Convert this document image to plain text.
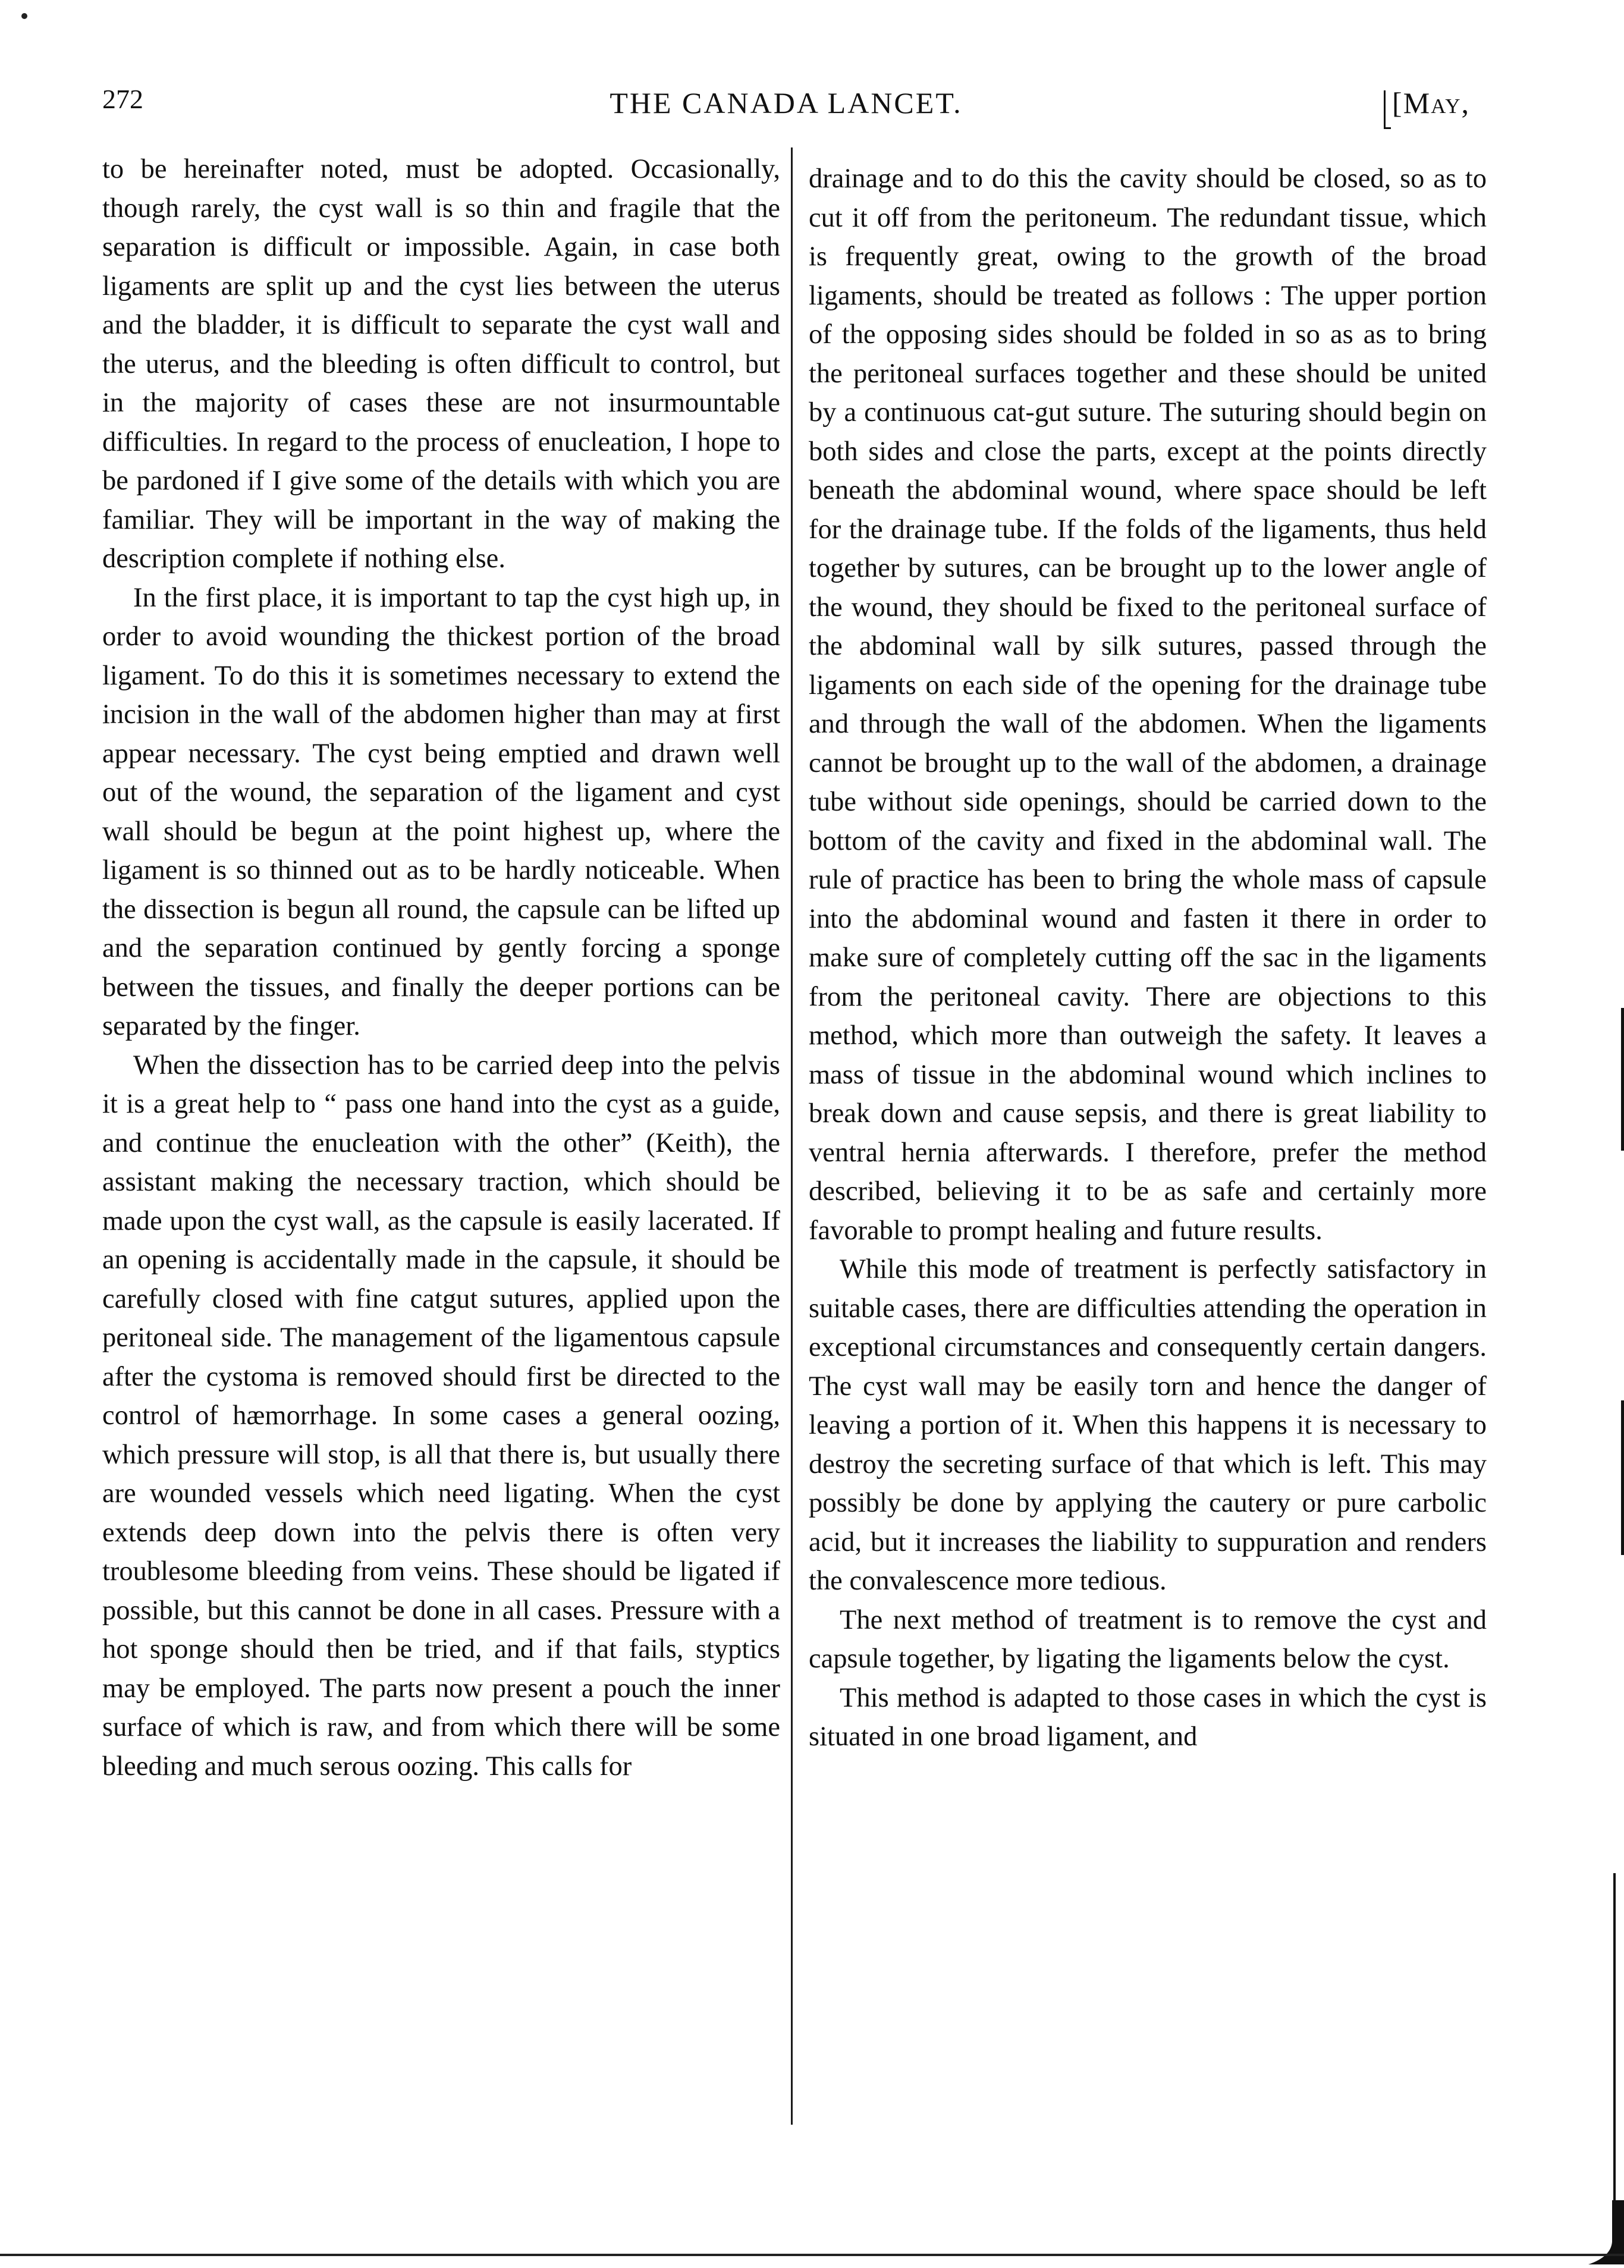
272	THE CANADA LANCET.	[May,

to be hereinafter noted, must be adopted. Occasionally, though rarely, the cyst wall is so thin and fragile that the separation is difficult or impossible. Again, in case both ligaments are split up and the cyst lies between the uterus and the bladder, it is difficult to separate the cyst wall and the uterus, and the bleeding is often difficult to control, but in the majority of cases these are not insurmountable difficulties. In regard to the process of enucleation, I hope to be pardoned if I give some of the details with which you are familiar. They will be important in the way of making the description complete if nothing else.

In the first place, it is important to tap the cyst high up, in order to avoid wounding the thickest portion of the broad ligament. To do this it is sometimes necessary to extend the incision in the wall of the abdomen higher than may at first appear necessary. The cyst being emptied and drawn well out of the wound, the separation of the ligament and cyst wall should be begun at the point highest up, where the ligament is so thinned out as to be hardly noticeable. When the dissection is begun all round, the capsule can be lifted up and the separation continued by gently forcing a sponge between the tissues, and finally the deeper portions can be separated by the finger.

When the dissection has to be carried deep into the pelvis it is a great help to “ pass one hand into the cyst as a guide, and continue the enucleation with the other” (Keith), the assistant making the necessary traction, which should be made upon the cyst wall, as the capsule is easily lacerated. If an opening is accidentally made in the capsule, it should be carefully closed with fine catgut sutures, applied upon the peritoneal side. The management of the ligamentous capsule after the cystoma is removed should first be directed to the control of hæmorrhage. In some cases a general oozing, which pressure will stop, is all that there is, but usually there are wounded vessels which need ligating. When the cyst extends deep down into the pelvis there is often very troublesome bleeding from veins. These should be ligated if possible, but this cannot be done in all cases. Pressure with a hot sponge should then be tried, and if that fails, styptics may be employed. The parts now present a pouch the inner surface of which is raw, and from which there will be some bleeding and much serous oozing. This calls for

drainage and to do this the cavity should be closed, so as to cut it off from the peritoneum. The redundant tissue, which is frequently great, owing to the growth of the broad ligaments, should be treated as follows : The upper portion of the opposing sides should be folded in so as as to bring the peritoneal surfaces together and these should be united by a continuous cat-gut suture. The suturing should begin on both sides and close the parts, except at the points directly beneath the abdominal wound, where space should be left for the drainage tube. If the folds of the ligaments, thus held together by sutures, can be brought up to the lower angle of the wound, they should be fixed to the peritoneal surface of the abdominal wall by silk sutures, passed through the ligaments on each side of the opening for the drainage tube and through the wall of the abdomen. When the ligaments cannot be brought up to the wall of the abdomen, a drainage tube without side openings, should be carried down to the bottom of the cavity and fixed in the abdominal wall. The rule of practice has been to bring the whole mass of capsule into the abdominal wound and fasten it there in order to make sure of completely cutting off the sac in the ligaments from the peritoneal cavity. There are objections to this method, which more than outweigh the safety. It leaves a mass of tissue in the abdominal wound which inclines to break down and cause sepsis, and there is great liability to ventral hernia afterwards. I therefore, prefer the method described, believing it to be as safe and certainly more favorable to prompt healing and future results.

While this mode of treatment is perfectly satisfactory in suitable cases, there are difficulties attending the operation in exceptional circumstances and consequently certain dangers. The cyst wall may be easily torn and hence the danger of leaving a portion of it. When this happens it is necessary to destroy the secreting surface of that which is left. This may possibly be done by applying the cautery or pure carbolic acid, but it increases the liability to suppuration and renders the convalescence more tedious.

The next method of treatment is to remove the cyst and capsule together, by ligating the ligaments below the cyst.

This method is adapted to those cases in which the cyst is situated in one broad ligament, and
